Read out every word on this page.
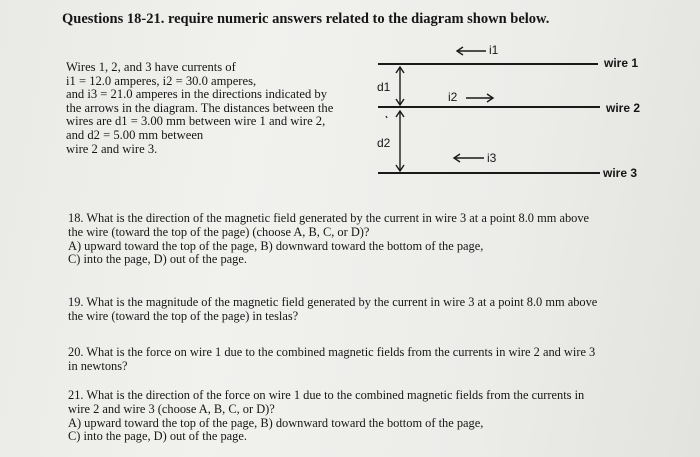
Questions 18-21. require numeric answers related to the diagram shown below.
Wires 1, 2, and 3 have currents of
i1 = 12.0 amperes, i2 = 30.0 amperes,
and i3 = 21.0 amperes in the directions indicated by
the arrows in the diagram. The distances between the
wires are d1 = 3.00 mm between wire 1 and wire 2,
and d2 = 5.00 mm between
wire 2 and wire 3.
wire 1
wire 2
wire 3
i1
i2
i3
d1
d2
18. What is the direction of the magnetic field generated by the current in wire 3 at a point 8.0 mm above
the wire (toward the top of the page) (choose A, B, C, or D)?
A) upward toward the top of the page, B) downward toward the bottom of the page,
C) into the page, D) out of the page.
19. What is the magnitude of the magnetic field generated by the current in wire 3 at a point 8.0 mm above
the wire (toward the top of the page) in teslas?
20. What is the force on wire 1 due to the combined magnetic fields from the currents in wire 2 and wire 3
in newtons?
21. What is the direction of the force on wire 1 due to the combined magnetic fields from the currents in
wire 2 and wire 3 (choose A, B, C, or D)?
A) upward toward the top of the page, B) downward toward the bottom of the page,
C) into the page, D) out of the page.
